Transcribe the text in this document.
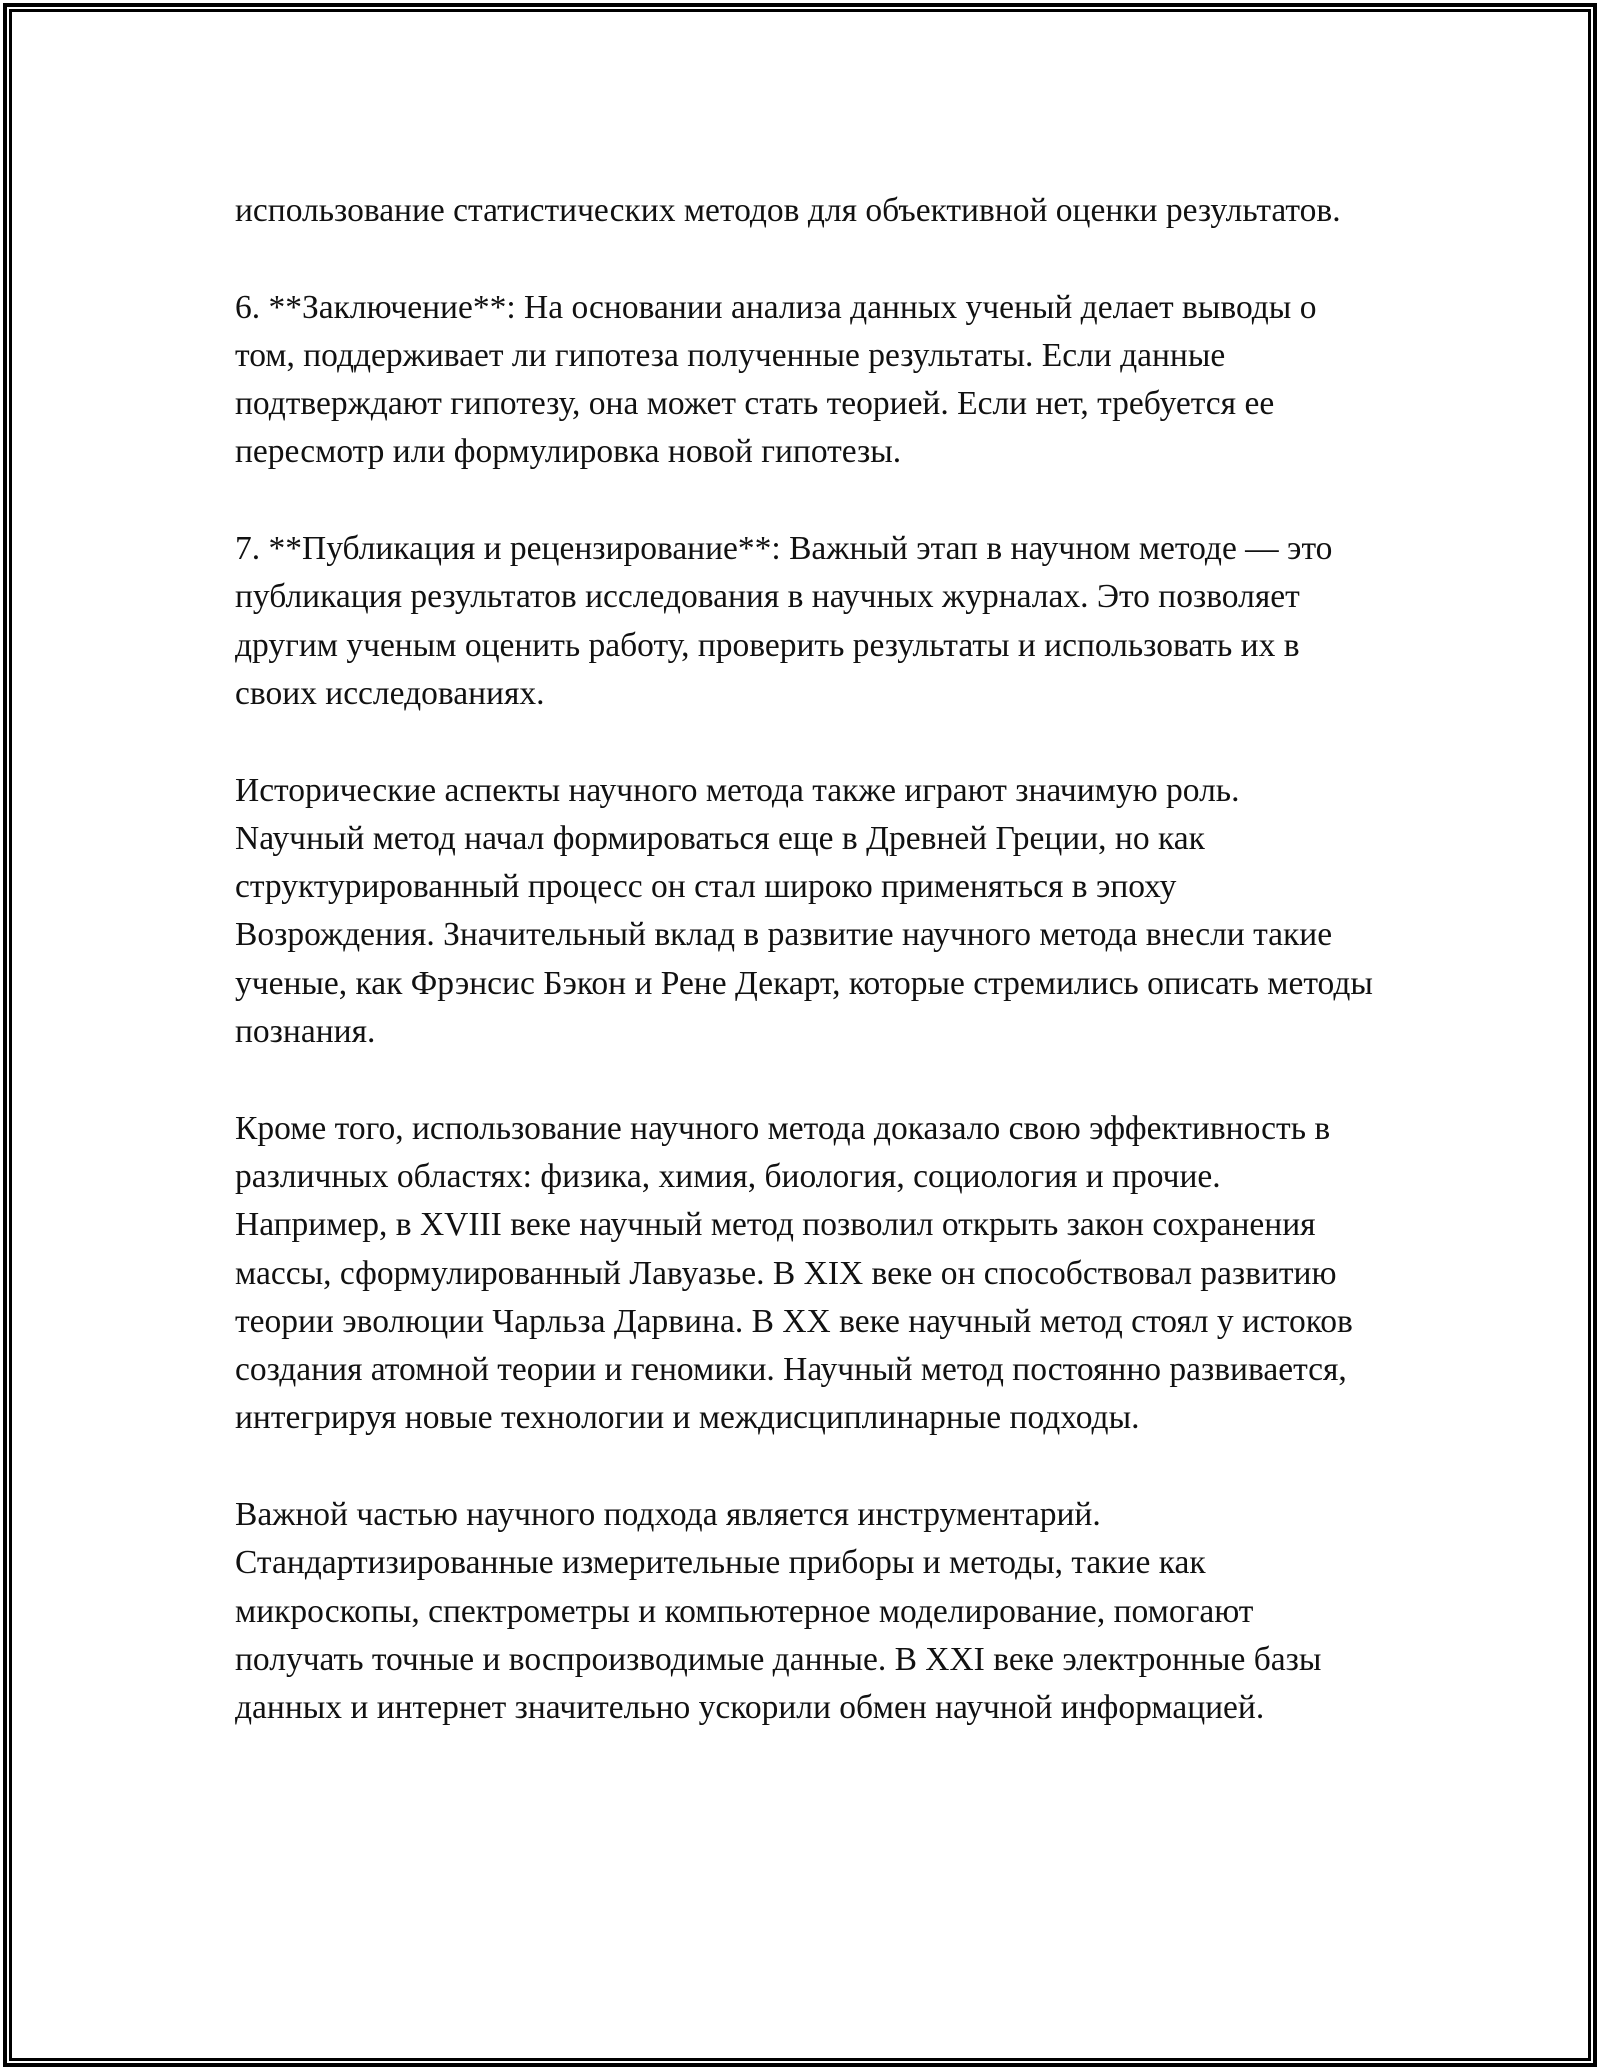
использование статистических методов для объективной оценки результатов.

6. **Заключение**: На основании анализа данных ученый делает выводы о том, поддерживает ли гипотеза полученные результаты. Если данные подтверждают гипотезу, она может стать теорией. Если нет, требуется ее пересмотр или формулировка новой гипотезы.

7. **Публикация и рецензирование**: Важный этап в научном методе — это публикация результатов исследования в научных журналах. Это позволяет другим ученым оценить работу, проверить результаты и использовать их в своих исследованиях.

Исторические аспекты научного метода также играют значимую роль. Nаучный метод начал формироваться еще в Древней Греции, но как структурированный процесс он стал широко применяться в эпоху Возрождения. Значительный вклад в развитие научного метода внесли такие ученые, как Фрэнсис Бэкон и Рене Декарт, которые стремились описать методы познания.

Кроме того, использование научного метода доказало свою эффективность в различных областях: физика, химия, биология, социология и прочие. Например, в XVIII веке научный метод позволил открыть закон сохранения массы, сформулированный Лавуазье. В XIX веке он способствовал развитию теории эволюции Чарльза Дарвина. В XX веке научный метод стоял у истоков создания атомной теории и геномики. Научный метод постоянно развивается, интегрируя новые технологии и междисциплинарные подходы.

Важной частью научного подхода является инструментарий. Стандартизированные измерительные приборы и методы, такие как микроскопы, спектрометры и компьютерное моделирование, помогают получать точные и воспроизводимые данные. В XXI веке электронные базы данных и интернет значительно ускорили обмен научной информацией.
